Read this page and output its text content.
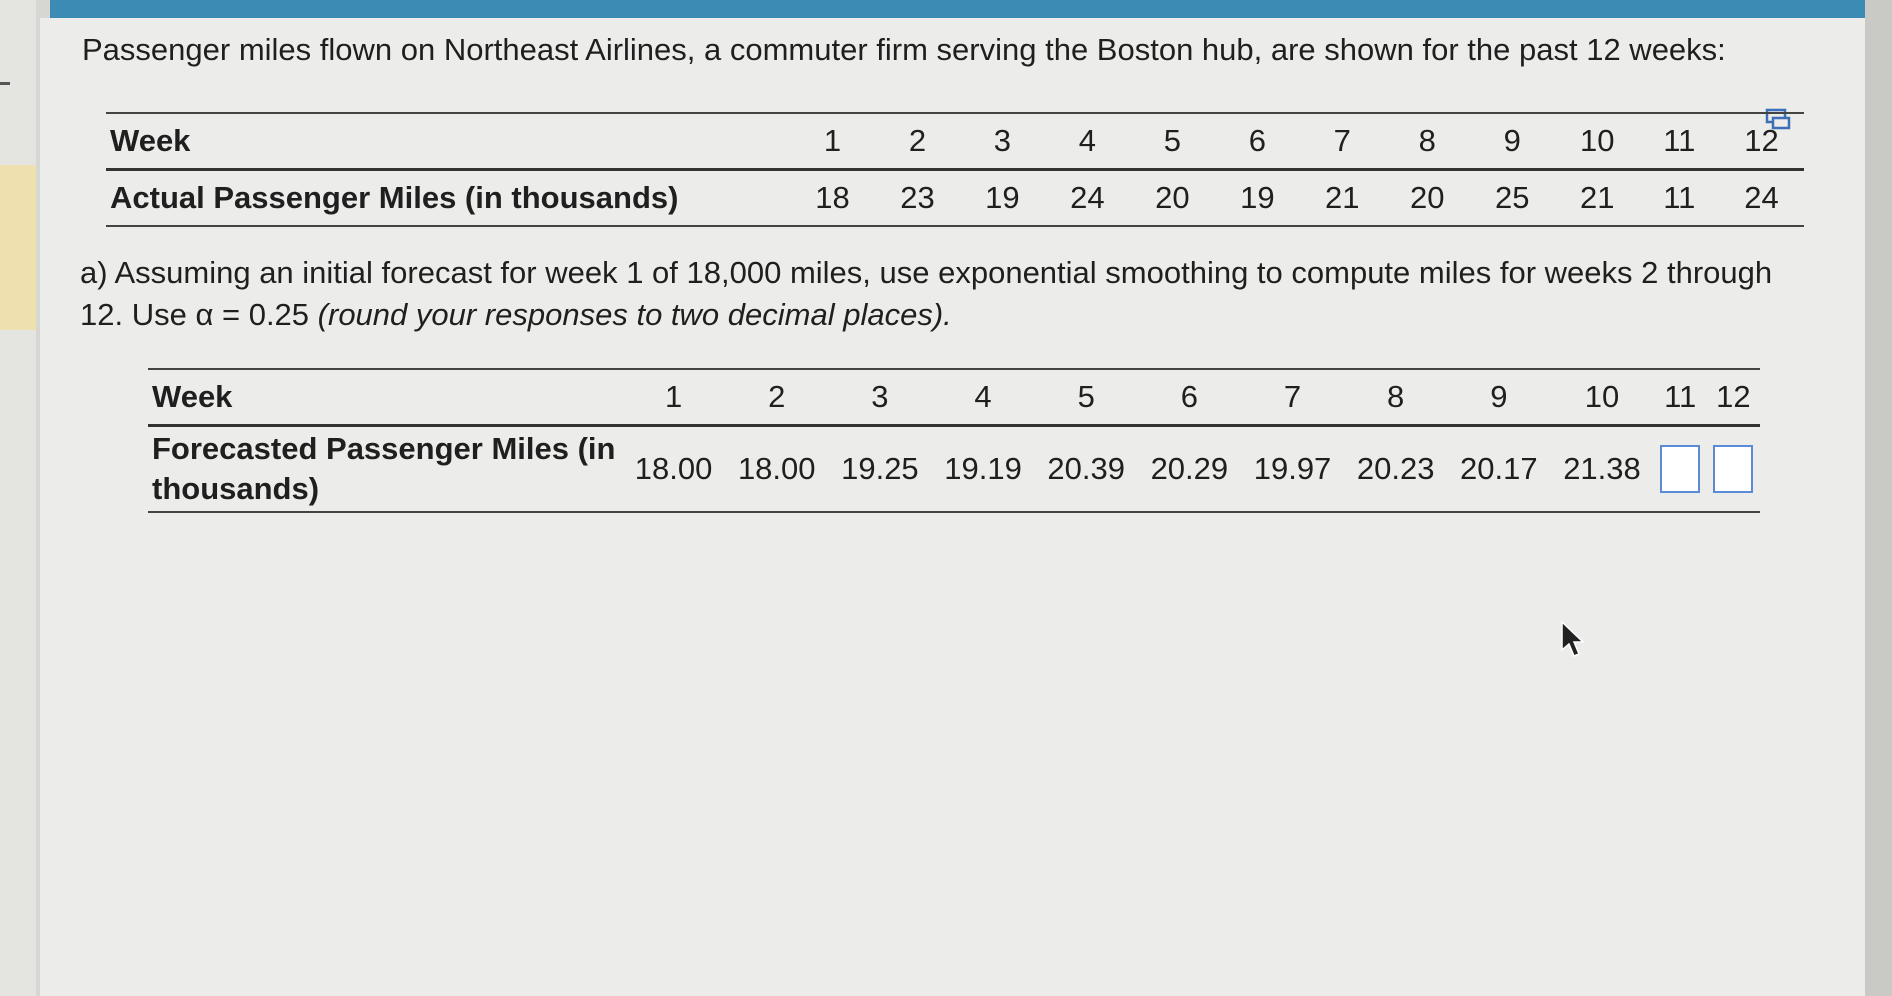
Passenger miles flown on Northeast Airlines, a commuter firm serving the Boston hub, are shown for the past 12 weeks:
Week	1	2	3	4	5	6	7	8	9	10	11	12
Actual Passenger Miles (in thousands)	18	23	19	24	20	19	21	20	25	21	11	24
a) Assuming an initial forecast for week 1 of 18,000 miles, use exponential smoothing to compute miles for weeks 2 through 12. Use α = 0.25 (round your responses to two decimal places).
Week	1	2	3	4	5	6	7	8	9	10	11	12
Forecasted Passenger Miles (in thousands)	18.00	18.00	19.25	19.19	20.39	20.29	19.97	20.23	20.17	21.38		
